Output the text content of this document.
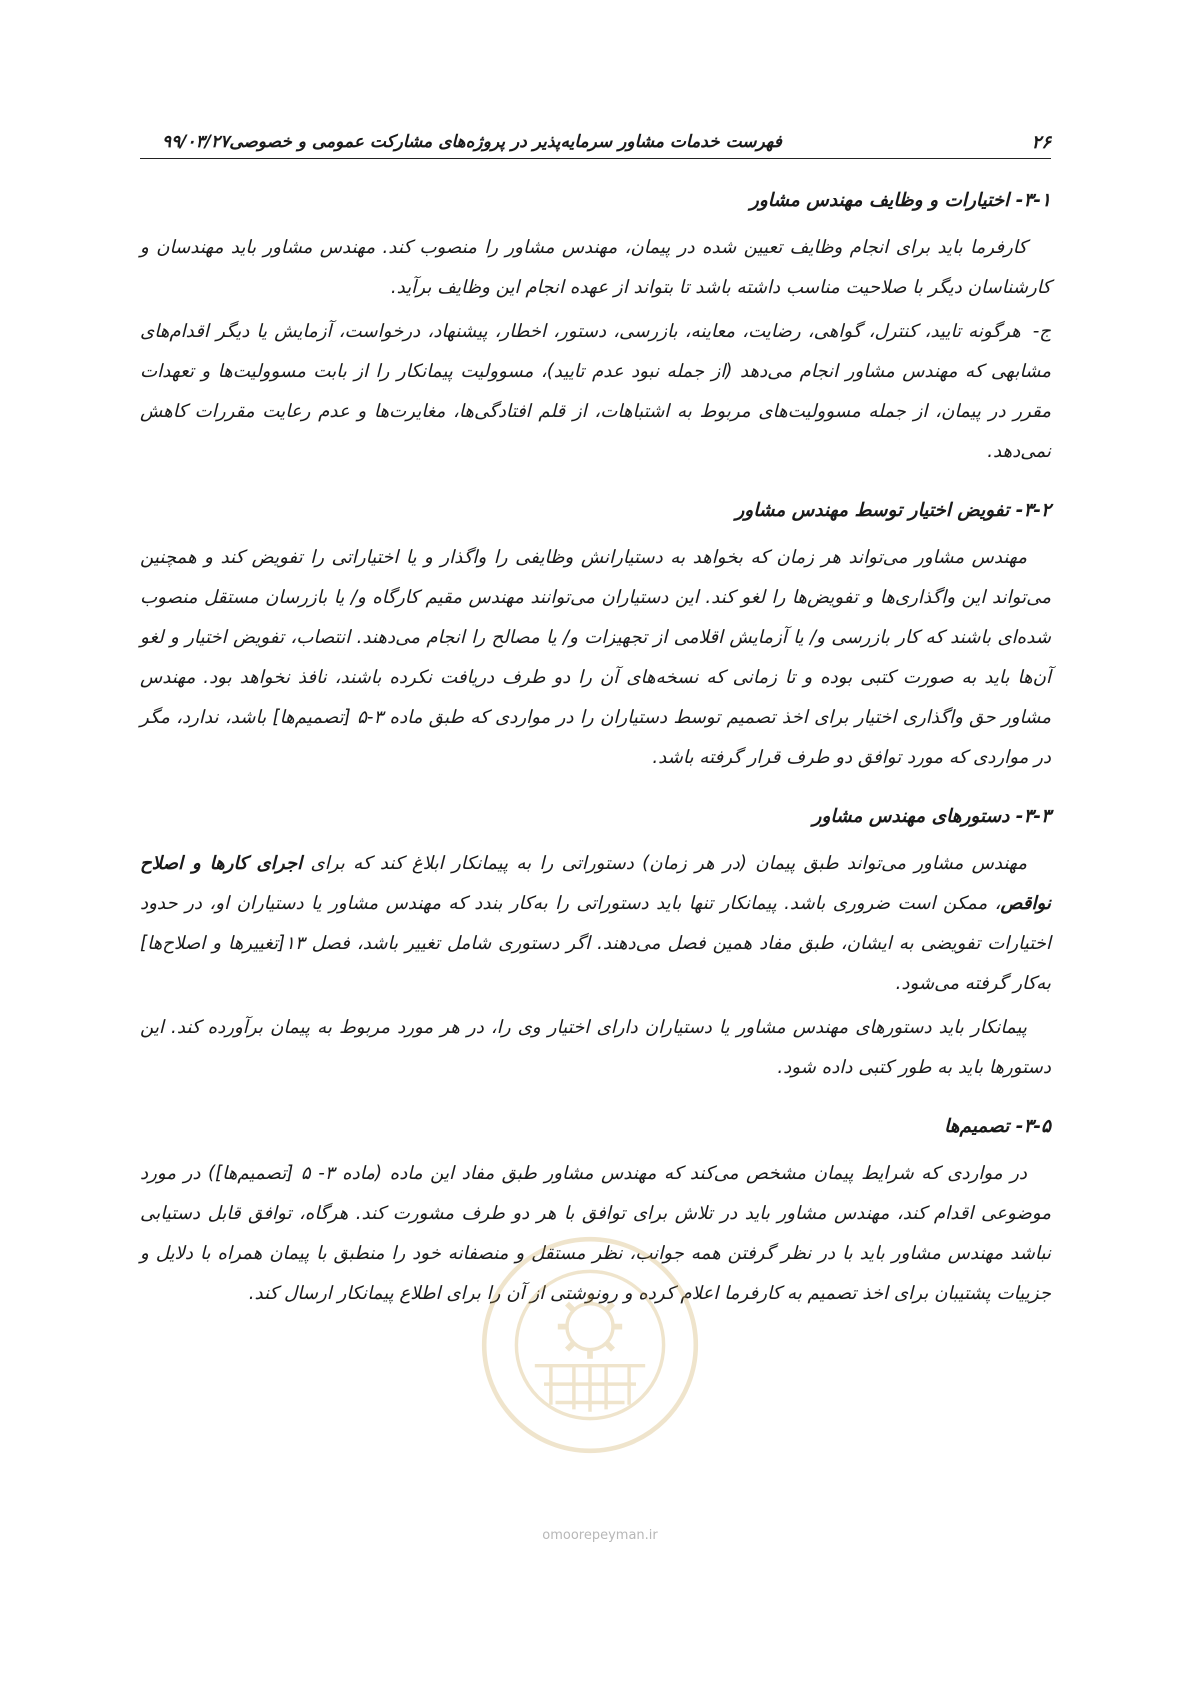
۲۶
فهرست خدمات مشاور سرمایه‌پذیر در پروژه‌های مشارکت عمومی و خصوصی۹۹/۰۳/۲۷
۳-۱- اختیارات و وظایف مهندس مشاور

کارفرما باید برای انجام وظایف تعیین شده در پیمان، مهندس مشاور را منصوب کند. مهندس مشاور باید مهندسان و کارشناسان دیگر با صلاحیت مناسب داشته باشد تا بتواند از عهده انجام این وظایف برآید.

ج-هرگونه تایید، کنترل، گواهی، رضایت، معاینه، بازرسی، دستور، اخطار، پیشنهاد، درخواست، آزمایش یا دیگر اقدام‌های مشابهی که مهندس مشاور انجام می‌دهد (از جمله نبود عدم تایید)، مسوولیت پیمانکار را از بابت مسوولیت‌ها و تعهدات مقرر در پیمان، از جمله مسوولیت‌های مربوط به اشتباهات، از قلم افتادگی‌ها، مغایرت‌ها و عدم رعایت مقررات کاهش نمی‌دهد.

۳-۲- تفویض اختیار توسط مهندس مشاور

مهندس مشاور می‌تواند هر زمان که بخواهد به دستیارانش وظایفی را واگذار و یا اختیاراتی را تفویض کند و همچنین می‌تواند این واگذاری‌ها و تفویض‌ها را لغو کند. این دستیاران می‌توانند مهندس مقیم کارگاه و/ یا بازرسان مستقل منصوب شده‌ای باشند که کار بازرسی و/ یا آزمایش اقلامی از تجهیزات و/ یا مصالح را انجام می‌دهند. انتصاب، تفویض اختیار و لغو آن‌ها باید به صورت کتبی بوده و تا زمانی که نسخه‌های آن را دو طرف دریافت نکرده باشند، نافذ نخواهد بود. مهندس مشاور حق واگذاری اختیار برای اخذ تصمیم توسط دستیاران را در مواردی که طبق ماده ۳-۵ [تصمیم‌ها] باشد، ندارد، مگر در مواردی که مورد توافق دو طرف قرار گرفته باشد.

۳-۳- دستورهای مهندس مشاور

مهندس مشاور می‌تواند طبق پیمان (در هر زمان) دستوراتی را به پیمانکار ابلاغ کند که برای اجرای کارها و اصلاح نواقص، ممکن است ضروری باشد. پیمانکار تنها باید دستوراتی را به‌کار بندد که مهندس مشاور یا دستیاران او، در حدود اختیارات تفویضی به ایشان، طبق مفاد همین فصل می‌دهند. اگر دستوری شامل تغییر باشد، فصل ۱۳[تغییرها و اصلاح‌ها] به‌کار گرفته می‌شود.

پیمانکار باید دستورهای مهندس مشاور یا دستیاران دارای اختیار وی را، در هر مورد مربوط به پیمان برآورده کند. این دستورها باید به طور کتبی داده شود.

۳-۵- تصمیم‌ها

در مواردی که شرایط پیمان مشخص می‌کند که مهندس مشاور طبق مفاد این ماده (ماده ۳- ۵ [تصمیم‌ها]) در مورد موضوعی اقدام کند، مهندس مشاور باید در تلاش برای توافق با هر دو طرف مشورت کند. هرگاه، توافق قابل دستیابی نباشد مهندس مشاور باید با در نظر گرفتن همه جوانب، نظر مستقل و منصفانه خود را منطبق با پیمان همراه با دلایل و جزییات پشتیبان برای اخذ تصمیم به کارفرما اعلام کرده و رونوشتی از آن را برای اطلاع پیمانکار ارسال کند.

omoorepeyman.ir
